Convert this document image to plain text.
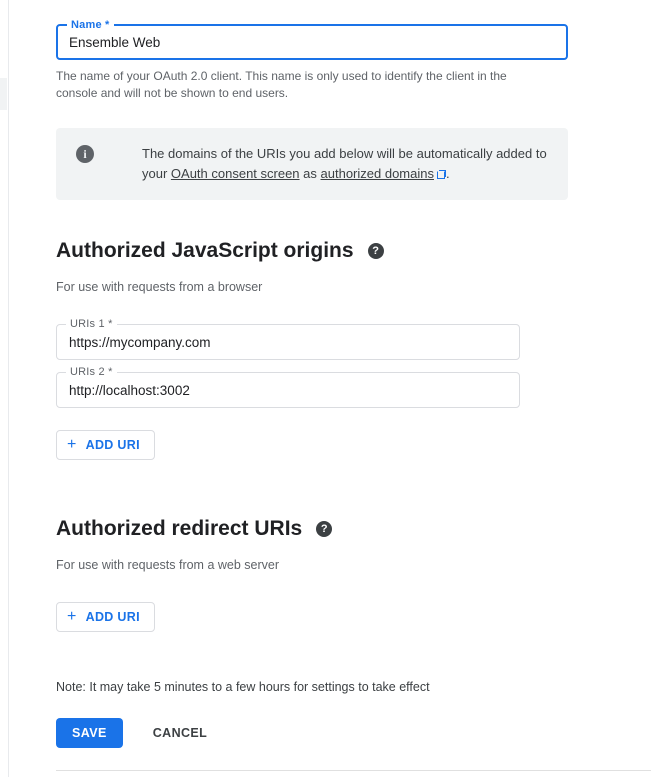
Name *
Ensemble Web
The name of your OAuth 2.0 client. This name is only used to identify the client in the console and will not be shown to end users.
i	The domains of the URIs you add below will be automatically added to your OAuth consent screen as authorized domains .
Authorized JavaScript origins	?
For use with requests from a browser
URIs 1 *
https://mycompany.com
URIs 2 *
http://localhost:3002
+ ADD URI
Authorized redirect URIs	?
For use with requests from a web server
+ ADD URI
Note: It may take 5 minutes to a few hours for settings to take effect
SAVE	CANCEL
